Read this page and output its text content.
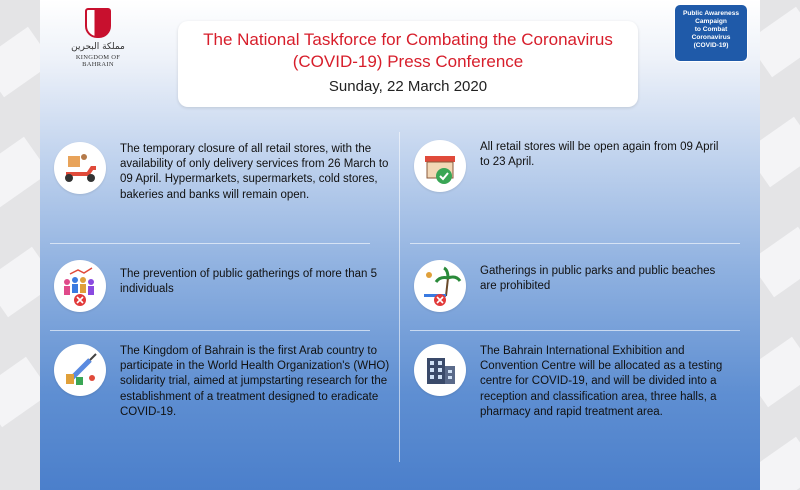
مملكة البحرين
KINGDOM OF BAHRAIN
The National Taskforce for Combating the Coronavirus
(COVID-19) Press Conference
Sunday, 22 March 2020
Public Awareness
Campaign
to Combat
Coronavirus
(COVID-19)
The temporary closure of all retail stores, with the availability of only delivery services from 26 March to 09 April. Hypermarkets, supermarkets, cold stores, bakeries and banks will remain open.
All retail stores will be open again from 09 April to 23 April.
The prevention of public gatherings of more than 5 individuals
Gatherings in public parks and public beaches are prohibited
The Kingdom of Bahrain is the first Arab country to participate in the World Health Organization's (WHO) solidarity trial, aimed at jumpstarting research for the establishment of a treatment designed to eradicate COVID-19.
The Bahrain International Exhibition and Convention Centre will be allocated as a testing centre for COVID-19, and will be divided into a reception and classification area, three halls, a pharmacy and rapid treatment area.
